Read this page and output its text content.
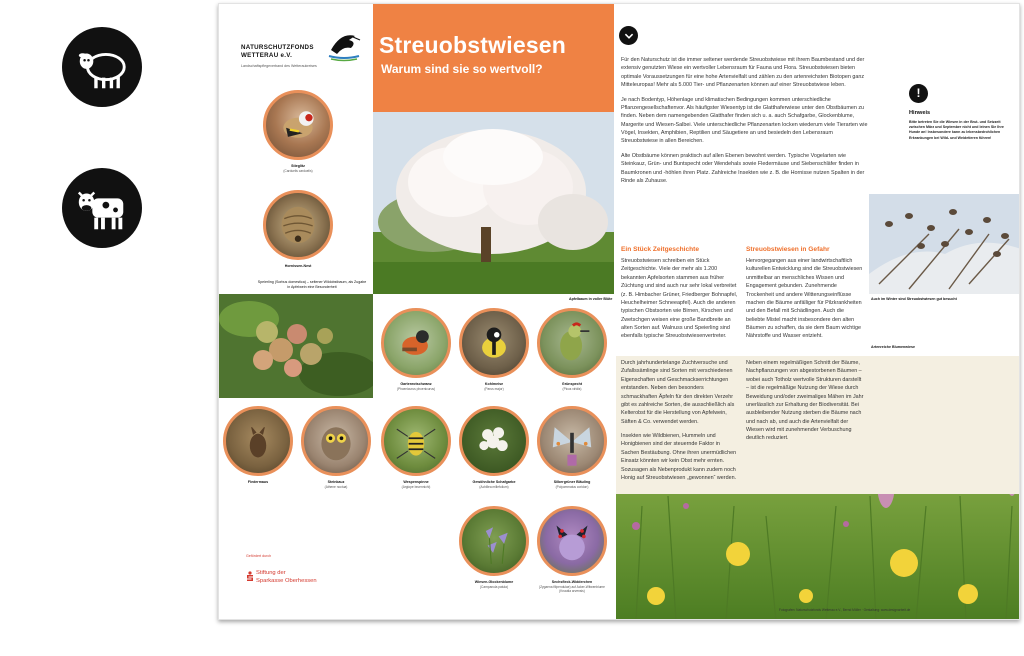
NATURSCHUTZFONDS WETTERAU e.V.
Landschaftspflegeverband des Wetteraukreises
Stieglitz
(Carduelis carduelis)
Hornissen-Nest
Speierling (Sorbus domestica) – seltener Wildobstbaum, als Zugabe in Apfelwein eine Besonderheit
Streuobstwiesen
Warum sind sie so wertvoll?
Apfelbaum in voller Blüte

Für den Naturschutz ist die immer seltener werdende Streuobstwiese mit ihrem Baumbestand und der extensiv genutzten Wiese ein wertvoller Lebensraum für Fauna und Flora. Streuobstwiesen bieten optimale Voraussetzungen für eine hohe Artenvielfalt und zählen zu den artenreichsten Biotopen ganz Mitteleuropas! Mehr als 5.000 Tier- und Pflanzenarten können auf einer Streuobstwiese leben.

Je nach Bodentyp, Höhenlage und klimatischen Bedingungen kommen unterschiedliche Pflanzengesellschaftenvor. Als häufigster Wiesentyp ist die Glatthaferwiese unter den Obstbäumen zu finden. Neben dem namengebenden Glatthafer finden sich u. a. auch Schafgarbe, Glockenblume, Margerite und Wiesen-Salbei. Viele unterschiedliche Pflanzenarten locken wiederum viele Tierarten wie Vögel, Insekten, Amphibien, Reptilien und Säugetiere an und besiedeln den Lebensraum Streuobstwiese in allen Bereichen.

Alte Obstbäume können praktisch auf allen Ebenen bewohnt werden. Typische Vogelarten wie Steinkauz, Grün- und Buntspecht oder Wendehals sowie Fledermäuse und Siebenschläfer finden in Baumkronen und -höhlen ihren Platz. Zahlreiche Insekten wie z. B. die Hornisse nutzen Spalten in der Rinde als Zuhause.

!
Hinweis
Bitte betreten Sie die Wiesen in der Brut- und Setzzeit zwischen März und September nicht und leinen Sie Ihre Hunde an! Insbesondere kann zu lebensbedrohlichen Erkrankungen bei Wild- und Weidetieren führen!
Auch im Winter sind Streuobstwiesen gut besucht
Ein Stück Zeitgeschichte
Streuobstwiesen schreiben ein Stück Zeitgeschichte. Viele der mehr als 1.200 bekannten Apfelsorten stammen aus früher Züchtung und sind auch nur sehr lokal verbreitet (z. B. Himbacher Grüner, Friedberger Bohnapfel, Heuchelheimer Schneeapfel). Auch die anderen typischen Obstsorten wie Birnen, Kirschen und Zwetschgen weisen eine große Bandbreite an alten Sorten auf. Walnuss und Speierling sind ebenfalls typische Streuobstwiesenvertreter.
Streuobstwiesen in Gefahr
Hervorgegangen aus einer landwirtschaftlich kulturellen Entwicklung sind die Streuobstwiesen unmittelbar an menschliches Wissen und Engagement gebunden. Zunehmende Trockenheit und andere Witterungseinflüsse machen die Bäume anfälliger für Pilzkrankheiten und den Befall mit Schädlingen. Auch die beliebte Mistel macht insbesondere den alten Bäumen zu schaffen, da sie dem Baum wichtige Nährstoffe und Wasser entzieht.
Artenreiche Blumenwiese

Durch jahrhundertelange Zuchtversuche und Zufallssämlinge sind Sorten mit verschiedenen Eigenschaften und Geschmackserrichtungen entstanden. Neben den besonders schmackhaften Äpfeln für den direkten Verzehr gibt es zahlreiche Sorten, die ausschließlich als Kelterobst für die Herstellung von Apfelwein, Säften & Co. verwendet werden.

Insekten wie Wildbienen, Hummeln und Honigbienen sind der steuernde Faktor in Sachen Bestäubung. Ohne ihren unermüdlichen Einsatz könnten wir kein Obst mehr ernten. Sozusagen als Nebenprodukt kann zudem noch Honig auf Streuobstwiesen „gewonnen“ werden.

Neben einem regelmäßigen Schnitt der Bäume, Nachpflanzungen von abgestorbenen Bäumen – wobei auch Totholz wertvolle Strukturen darstellt – ist die regelmäßige Nutzung der Wiese durch Beweidung und/oder zweimaliges Mähen im Jahr unerlässlich zur Erhaltung der Biodiversität. Bei ausbleibender Nutzung sterben die Bäume nach und nach ab, und auch die Artenvielfalt der Wiesen wird mit zunehmender Verbuschung deutlich reduziert.
Gartenrotschwanz
(Phoenicurus phoenicurus)
Kohlmeise
(Parus major)
Grünspecht
(Picus viridis)
Fledermaus	Steinkauz
(Athene noctua)
Wespenspinne
(Argiope bruennichi)
Gewöhnliche Schafgarbe
(Achillea millefolium)
Silbergrüner Bläuling
(Polyommatus coridon)
Wiesen-Glockenblume
(Campanula patula)
Sechsfleck-Widderchen
(Zygaena filipendulae) auf Acker-Witwenblume (Knautia arvensis)
Gefördert durch
Stiftung der
Sparkasse Oberhessen
Fotografen: Naturschutzfonds Wetterau e.V., Bernd Möller · Gestaltung: www.designarbeit.de
